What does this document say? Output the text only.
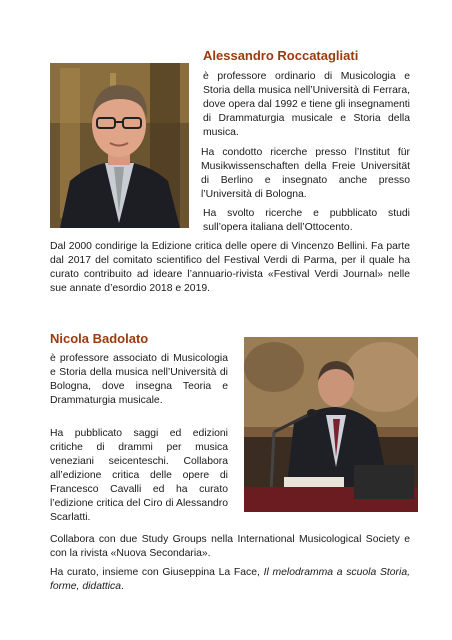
Alessandro Roccatagliati

è professore ordinario di Musicologia e Storia della musica nell’Università di Ferrara, dove opera dal 1992 e tiene gli insegnamenti di Drammaturgia musicale e Storia della musica.

Ha condotto ricerche presso l’Institut für Musikwissenschaften della Freie Universität di Berlino e insegnato anche presso l’Università di Bologna.

Ha svolto ricerche e pubblicato studi sull’opera italiana dell’Ottocento.

Dal 2000 condirige la Edizione critica delle opere di Vincenzo Bellini. Fa parte dal 2017 del comitato scientifico del Festival Verdi di Parma, per il quale ha curato contribuito ad ideare l’annuario-rivista «Festival Verdi Journal» nelle sue annate d’esordio 2018 e 2019.

Nicola Badolato

è professore associato di Musicologia e Storia della musica nell’Università di Bologna, dove insegna Teoria e Drammaturgia musicale.

Ha pubblicato saggi ed edizioni critiche di drammi per musica veneziani seicenteschi. Collabora all’edizione critica delle opere di Francesco Cavalli ed ha curato l’edizione critica del Ciro di Alessandro Scarlatti.

Collabora con due Study Groups nella International Musicological Society e con la rivista «Nuova Secondaria».

Ha curato, insieme con Giuseppina La Face, Il melodramma a scuola Storia, forme, didattica.
